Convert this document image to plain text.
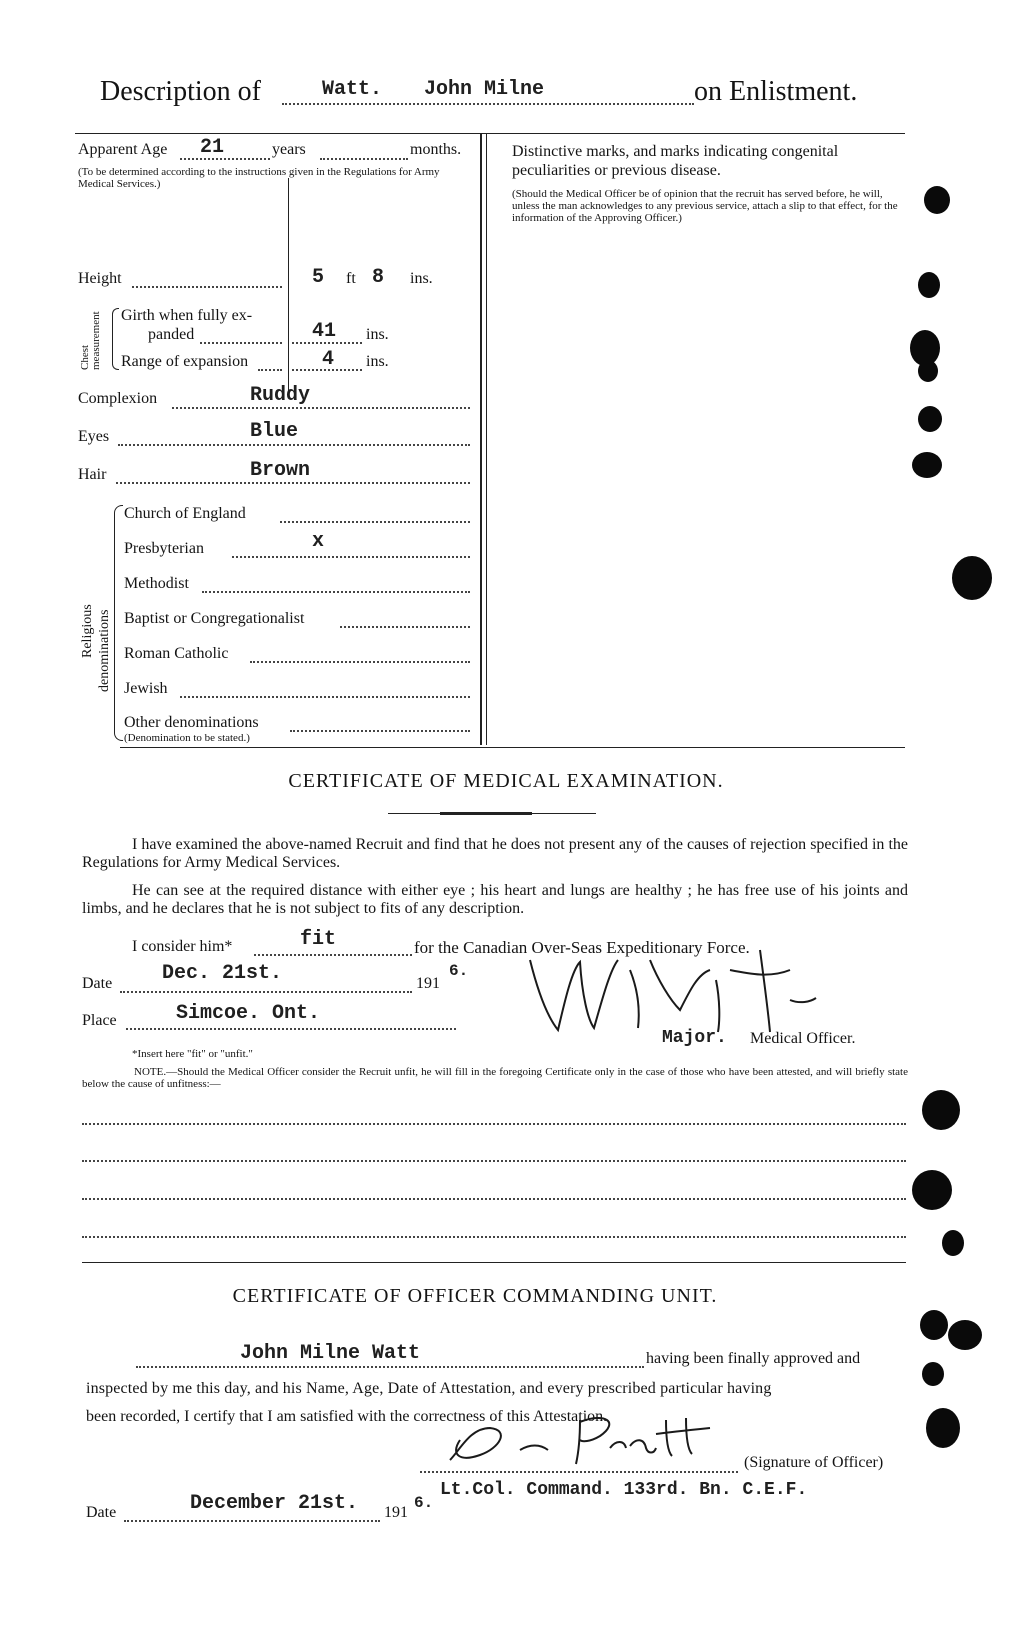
Description of	Watt. John Milne	on Enlistment.
Apparent Age 21	years	months.
(To be determined according to the instructions given in the Regulations for Army Medical Services.)
Height	5 ft 8 ins.
Chest measurement Girth when fully ex-
panded	41 ins.
Range of expansion	4 ins.
Complexion	Ruddy
Eyes	Blue
Hair	Brown
Religious denominations
Church of England
Presbyterian	x
Methodist
Baptist or Congregationalist
Roman Catholic
Jewish
Other denominations
(Denomination to be stated.)
Distinctive marks, and marks indicating congenital
peculiarities or previous disease.
(Should the Medical Officer be of opinion that the recruit has served before, he will, unless the man acknowledges to any previous service, attach a slip to that effect, for the information of the Approving Officer.)
CERTIFICATE OF MEDICAL EXAMINATION.
I have examined the above-named Recruit and find that he does not present any of the causes of rejection specified in the Regulations for Army Medical Services.
He can see at the required distance with either eye ; his heart and lungs are healthy ; he has free use of his joints and limbs, and he declares that he is not subject to fits of any description.
I consider him*	fit	for the Canadian Over-Seas Expeditionary Force.
Date Dec. 21st.	191
6.
Place	Simcoe. Ont.
Major. Medical Officer.
*Insert here "fit" or "unfit."
NOTE.—Should the Medical Officer consider the Recruit unfit, he will fill in the foregoing Certificate only in the case of those who have been attested, and will briefly state below the cause of unfitness:—
CERTIFICATE OF OFFICER COMMANDING UNIT.
John Milne Watt	having been finally approved and
inspected by me this day, and his Name, Age, Date of Attestation, and every prescribed particular having
been recorded, I certify that I am satisfied with the correctness of this Attestation.
(Signature of Officer)
Lt.Col. Command. 133rd. Bn. C.E.F.
Date	December 21st. 191
6.
